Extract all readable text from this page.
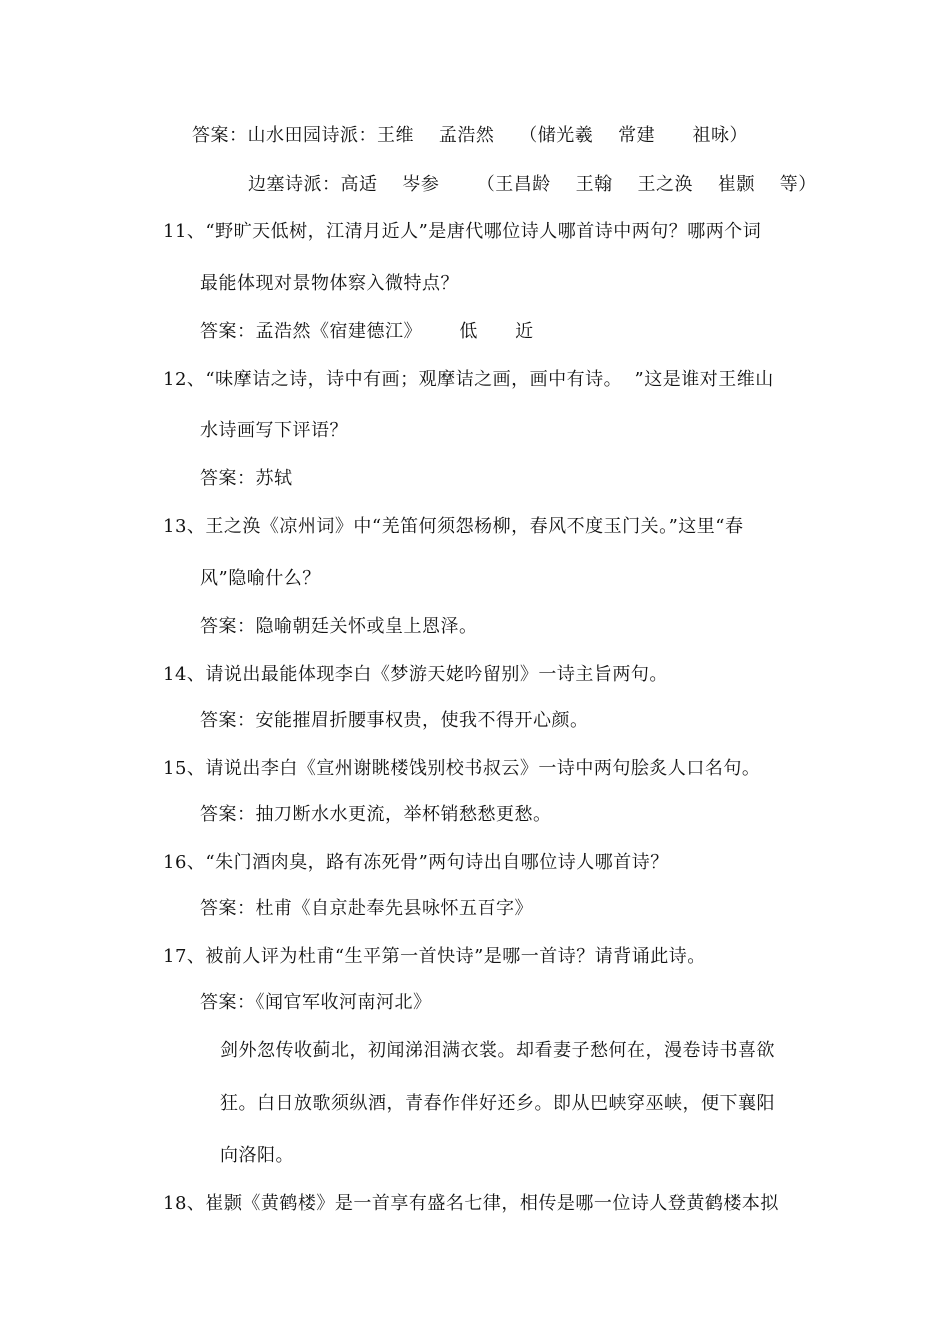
答案：山水田园诗派：王维    孟浩然    （储光羲    常建      祖咏）
边塞诗派：高适    岑参      （王昌龄    王翰    王之涣    崔颢    等）
11、“野旷天低树，江清月近人”是唐代哪位诗人哪首诗中两句？哪两个词
最能体现对景物体察入微特点？
答案：孟浩然《宿建德江》      低      近
12、“味摩诘之诗，诗中有画；观摩诘之画，画中有诗。  ”这是谁对王维山
水诗画写下评语？
答案：苏轼
13、王之涣《凉州词》中“羌笛何须怨杨柳，春风不度玉门关。”这里“春
风”隐喻什么？
答案：隐喻朝廷关怀或皇上恩泽。
14、请说出最能体现李白《梦游天姥吟留别》一诗主旨两句。
答案：安能摧眉折腰事权贵，使我不得开心颜。
15、请说出李白《宣州谢眺楼饯别校书叔云》一诗中两句脍炙人口名句。
答案：抽刀断水水更流，举杯销愁愁更愁。
16、“朱门酒肉臭，路有冻死骨”两句诗出自哪位诗人哪首诗？
答案：杜甫《自京赴奉先县咏怀五百字》
17、被前人评为杜甫“生平第一首快诗”是哪一首诗？请背诵此诗。
答案：《闻官军收河南河北》
剑外忽传收蓟北，初闻涕泪满衣裳。却看妻子愁何在，漫卷诗书喜欲
狂。白日放歌须纵酒，青春作伴好还乡。即从巴峡穿巫峡，便下襄阳
向洛阳。
18、崔颢《黄鹤楼》是一首享有盛名七律，相传是哪一位诗人登黄鹤楼本拟
